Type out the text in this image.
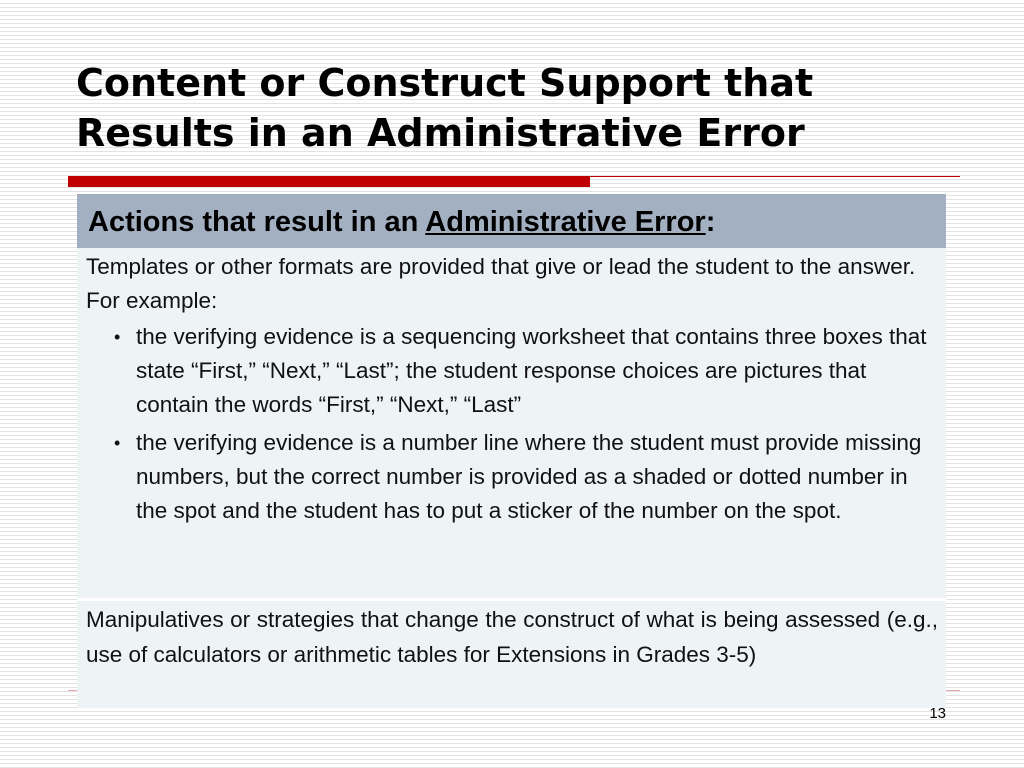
Content or Construct Support that
Results in an Administrative Error
Actions that result in an Administrative Error:

Templates or other formats are provided that give or lead the student to the answer. For example:

• the verifying evidence is a sequencing worksheet that contains three boxes that state “First,” “Next,” “Last”; the student response choices are pictures that contain the words “First,” “Next,” “Last”
• the verifying evidence is a number line where the student must provide missing numbers, but the correct number is provided as a shaded or dotted number in the spot and the student has to put a sticker of the number on the spot.
Manipulatives or strategies that change the construct of what is being assessed (e.g., use of calculators or arithmetic tables for Extensions in Grades 3-5)
13
